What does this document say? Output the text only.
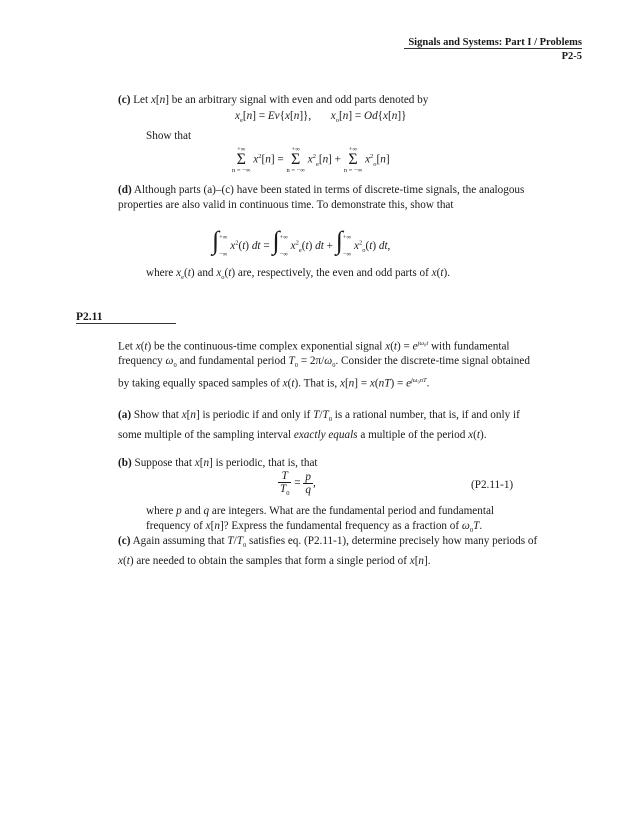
Signals and Systems: Part I / Problems
P2-5
(c) Let x[n] be an arbitrary signal with even and odd parts denoted by
$x_e[n] = Ev\{x[n]\}$,       $x_o[n] = Od\{x[n]\}$
Show that
+∞
Σ
n = −∞
$x^2[n]$ =
+∞
Σ
n = −∞
$x^2_e[n]$ +
+∞
Σ
n = −∞
$x^2_o[n]$
(d) Although parts (a)–(c) have been stated in terms of discrete-time signals, the analogous properties are also valid in continuous time. To demonstrate this, show that
∫ +∞
−∞
$x^2(t)$ dt = ∫ +∞
−∞
$x^2_e(t)$ dt + ∫ +∞
−∞
$x^2_o(t)$ dt,
where $x_e(t)$ and $x_o(t)$ are, respectively, the even and odd parts of x(t).
P2.11
Let x(t) be the continuous-time complex exponential signal $x(t) = e^{j\omega_0t}$ with fundamental frequency $\omega_0$ and fundamental period $T_0 = 2\pi/\omega_0$. Consider the discrete-time signal obtained by taking equally spaced samples of x(t). That is, $x[n] = x(nT) = e^{j\omega_0nT}$.
(a) Show that x[n] is periodic if and only if $T/T_0$ is a rational number, that is, if and only if some multiple of the sampling interval exactly equals a multiple of the period x(t).
(b) Suppose that x[n] is periodic, that is, that
$\frac{T}{T_0} = \frac{p}{q}$ ,	(P2.11-1)
where p and q are integers. What are the fundamental period and fundamental frequency of x[n]? Express the fundamental frequency as a fraction of $\omega_0T$.
(c) Again assuming that $T/T_0$ satisfies eq. (P2.11-1), determine precisely how many periods of x(t) are needed to obtain the samples that form a single period of x[n].
